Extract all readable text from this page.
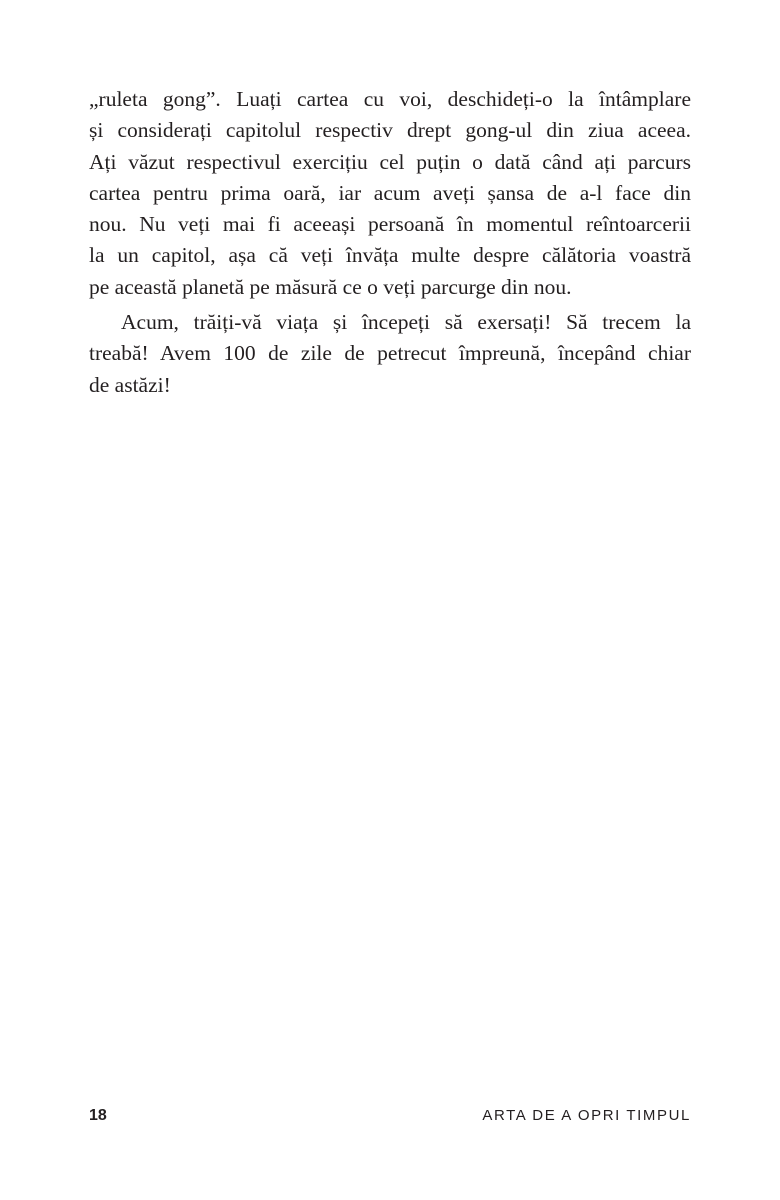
„ruleta gong”. Luați cartea cu voi, deschideți-o la întâmplare
și considerați capitolul respectiv drept gong-ul din ziua aceea.
Ați văzut respectivul exercițiu cel puțin o dată când ați parcurs
cartea pentru prima oară, iar acum aveți șansa de a-l face din
nou. Nu veți mai fi aceeași persoană în momentul reîntoarcerii
la un capitol, așa că veți învăța multe despre călătoria voastră
pe această planetă pe măsură ce o veți parcurge din nou.
Acum, trăiți-vă viața și începeți să exersați! Să trecem la
treabă! Avem 100 de zile de petrecut împreună, începând chiar
de astăzi!
18	ARTA DE A OPRI TIMPUL
